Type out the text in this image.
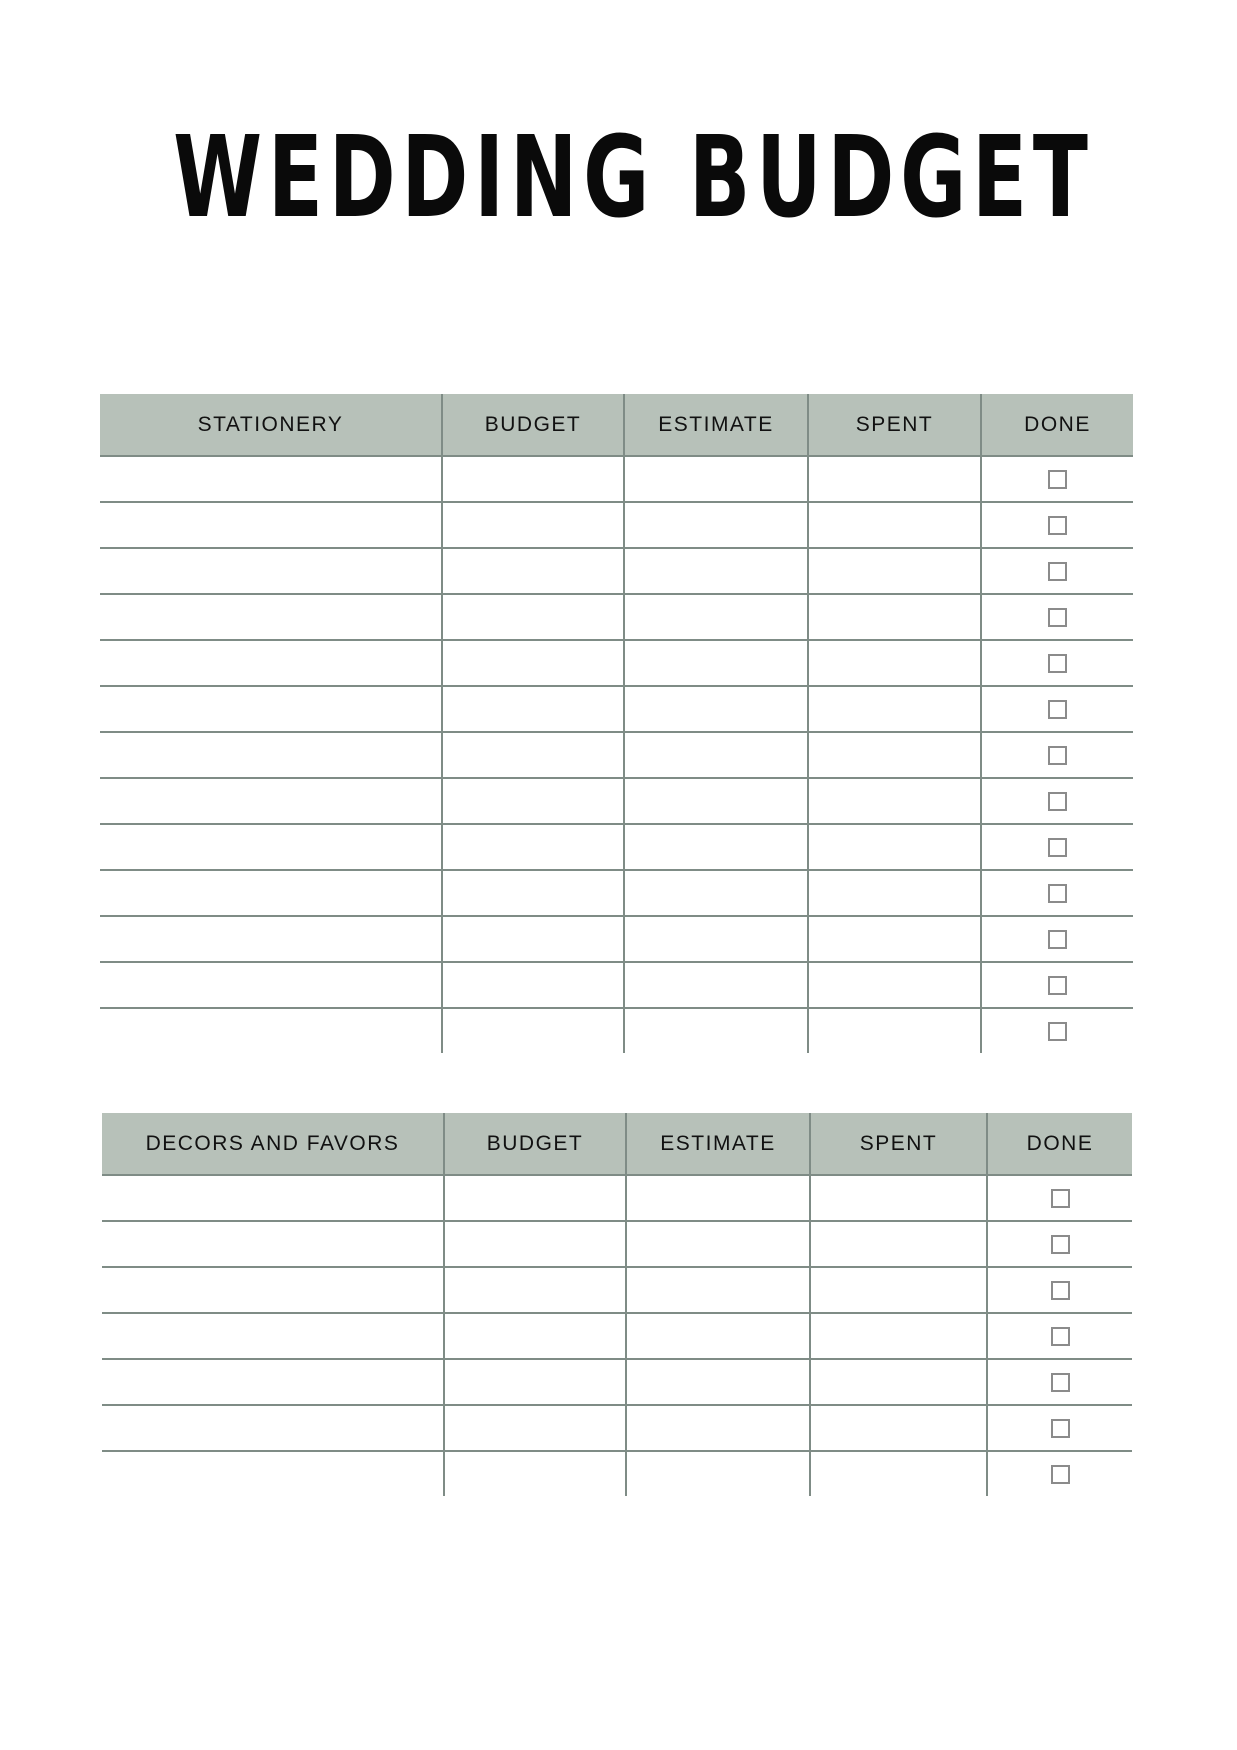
WEDDING BUDGET
STATIONERY	BUDGET	ESTIMATE	SPENT	DONE

DECORS AND FAVORS	BUDGET	ESTIMATE	SPENT	DONE
